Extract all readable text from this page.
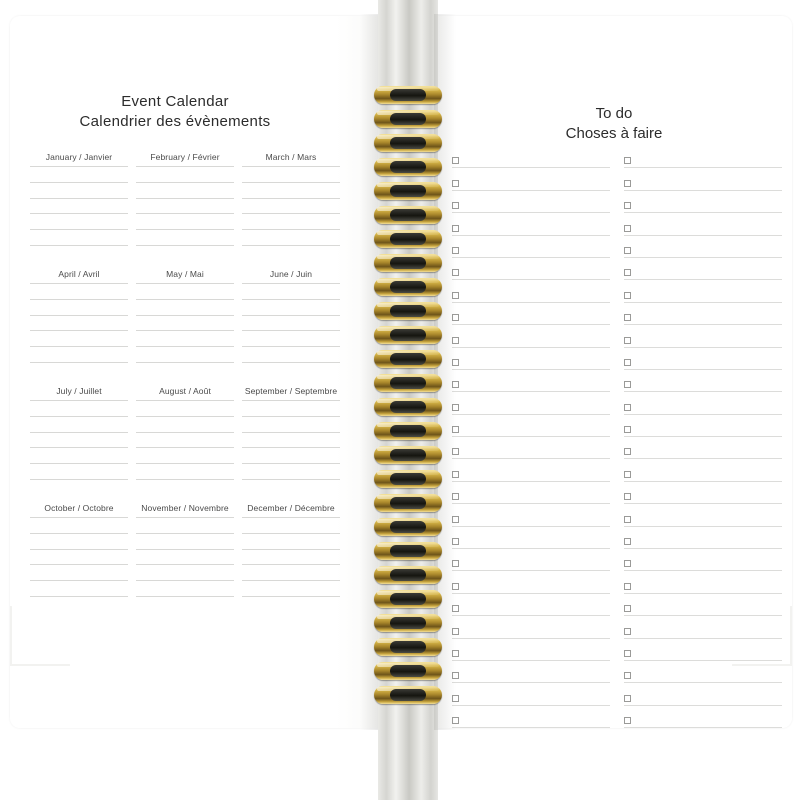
Event Calendar
Calendrier des évènements
January / Janvier	February / Février	March / Mars
April / Avril	May / Mai	June / Juin
July / Juillet	August / Août	September / Septembre
October / Octobre	November / Novembre	December / Décembre
To do
Choses à faire
